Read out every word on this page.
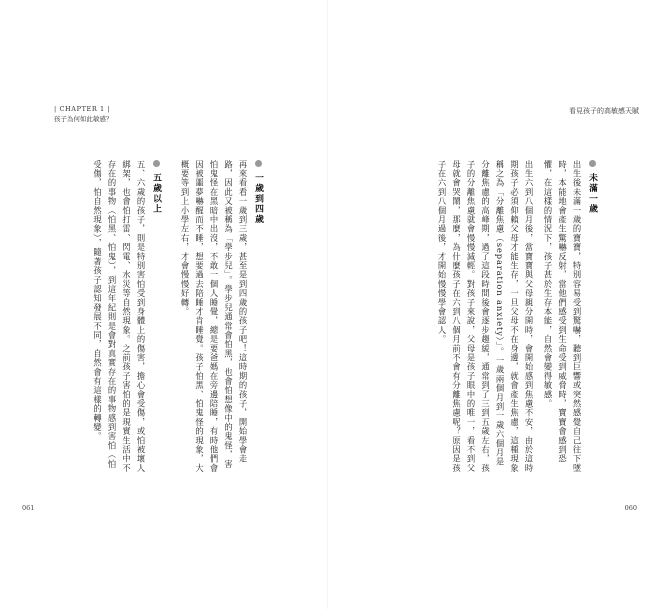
| CHAPTER 1 |
孩子為何如此敏感？
一歲到四歲
再來看看一歲到三歲，甚至是到四歲的孩子吧！這時期的孩子，開始學會走路，因此又被稱為「學步兒」。學步兒通常會怕黑，也會怕想像中的鬼怪，害怕鬼怪在黑暗中出沒，不敢一個人睡覺，總是要爸媽在旁邊陪睡，有時他們會因被噩夢嚇醒而不睡，想要過去陪睡才肯睡覺。孩子怕黑、怕鬼怪的現象，大概要等到上小學左右，才會慢慢好轉。
五歲以上
五、六歲的孩子，則是特別害怕受到身體上的傷害，擔心會受傷，或怕被壞人綁架，也會怕打雷、閃電、水災等自然現象。之前孩子害怕的是現實生活中不存在的事物（怕黑、怕鬼），到這年紀則是會對真實存在的事物感到害怕（怕受傷，怕自然現象），隨著孩子認知發展不同，自然會有這樣的轉變。
061
看見孩子的高敏感天賦
未滿一歲
出生後未滿一歲的寶寶，特別容易受到驚嚇，聽到巨響或突然感覺自己往下墜時，本能地會產生驚嚇反射，當他們感受到生命受到威脅時，寶寶會感到恐懼，在這樣的情況下，孩子甚於生存本能，自然會變得敏感。
出生六到八個月後，當寶寶與父母親分開時，會開始感到焦慮不安，由於這時期孩子必須仰賴父母才能生存，一旦父母不在身邊，就會產生焦慮，這種現象稱之為「分離焦慮（separation anxiety）」。一歲兩個月到一歲六個月是分離焦慮的高峰期，過了這段時間後會逐步趨緩，通常到了三到五歲左右，孩子的分離焦慮就會慢慢減輕。對孩子來說，父母是孩子眼中的唯一，看不到父母就會哭鬧，那麼，為什麼孩子在六到八個月前不會有分離焦慮呢？原因是孩子在六到八個月過後，才開始慢慢學會認人。
060
